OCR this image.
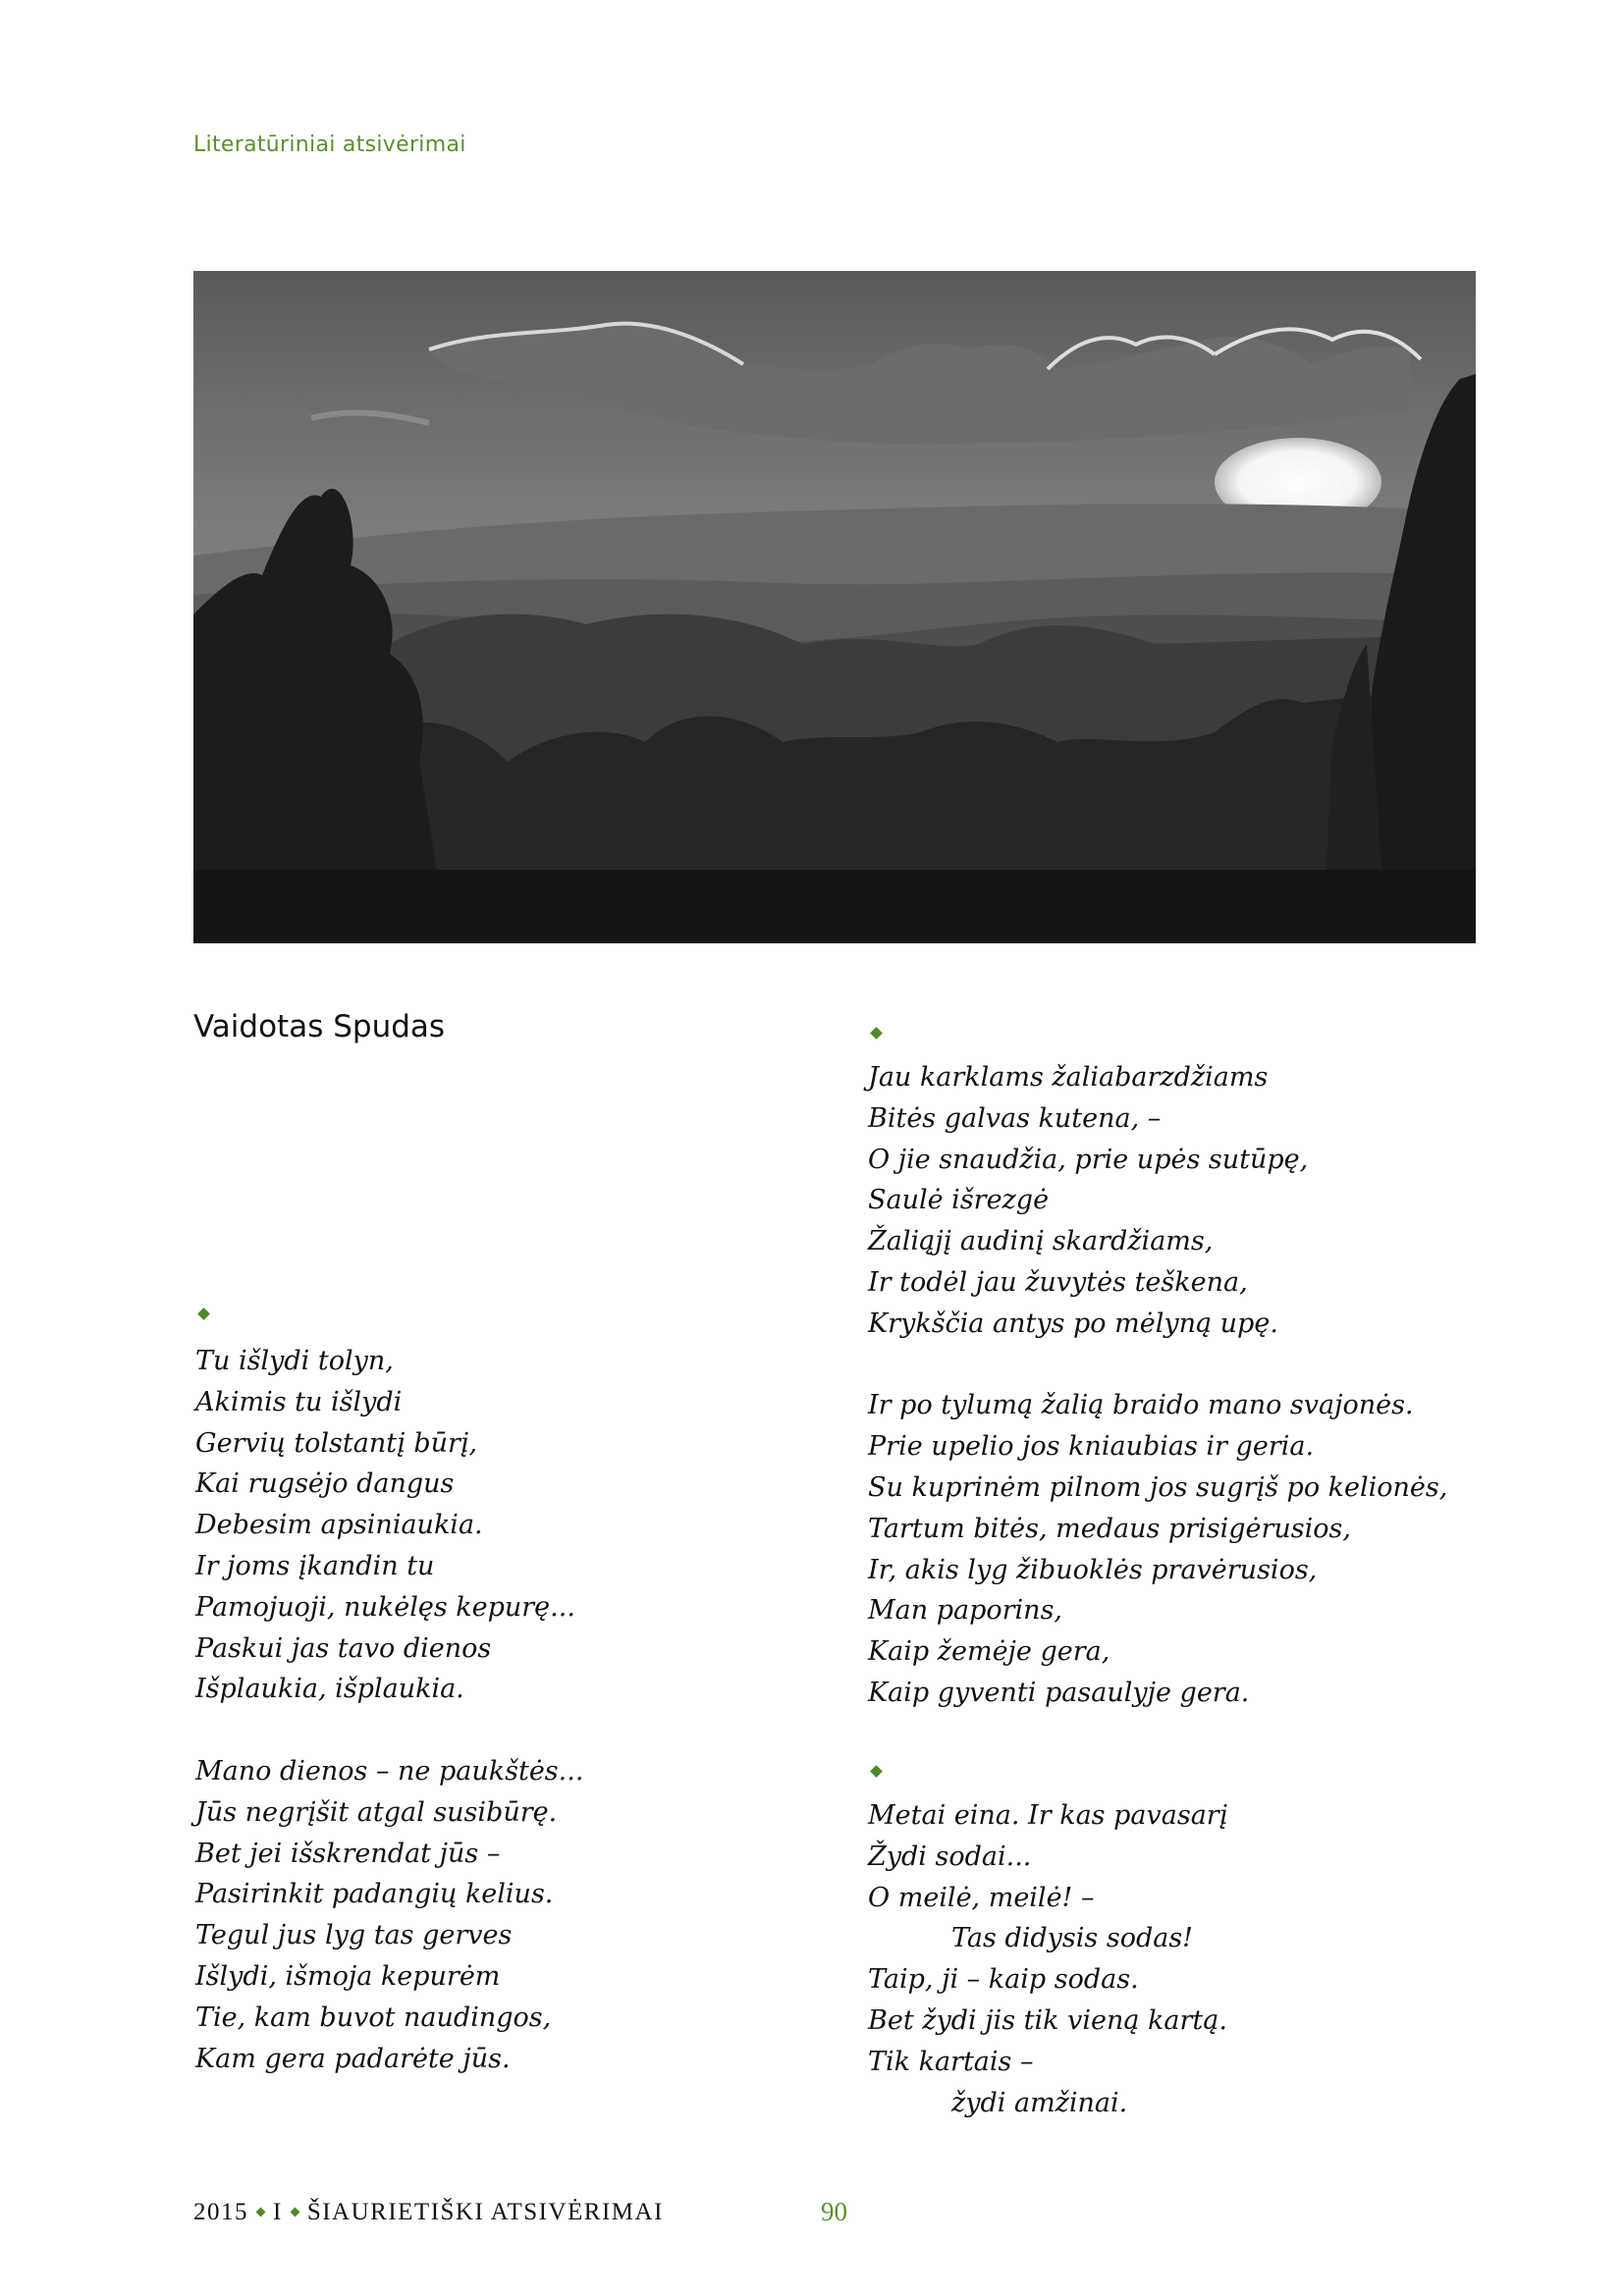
Literatūriniai atsivėrimai
Vaidotas Spudas
Tu išlydi tolyn,
Akimis tu išlydi
Gervių tolstantį būrį,
Kai rugsėjo dangus
Debesim apsiniaukia.
Ir joms įkandin tu
Pamojuoji, nukėlęs kepurę...
Paskui jas tavo dienos
Išplaukia, išplaukia.
Mano dienos – ne paukštės...
Jūs negrįšit atgal susibūrę.
Bet jei išskrendat jūs –
Pasirinkit padangių kelius.
Tegul jus lyg tas gerves
Išlydi, išmoja kepurėm
Tie, kam buvot naudingos,
Kam gera padarėte jūs.
Jau karklams žaliabarzdžiams
Bitės galvas kutena, –
O jie snaudžia, prie upės sutūpę,
Saulė išrezgė
Žaliąjį audinį skardžiams,
Ir todėl jau žuvytės teškena,
Krykščia antys po mėlyną upę.
Ir po tylumą žalią braido mano svajonės.
Prie upelio jos kniaubias ir geria.
Su kuprinėm pilnom jos sugrįš po kelionės,
Tartum bitės, medaus prisigėrusios,
Ir, akis lyg žibuoklės pravėrusios,
Man paporins,
Kaip žemėje gera,
Kaip gyventi pasaulyje gera.
Metai eina. Ir kas pavasarį
Žydi sodai...
O meilė, meilė! –
Tas didysis sodas!
Taip, ji – kaip sodas.
Bet žydi jis tik vieną kartą.
Tik kartais –
žydi amžinai.
2015 I ŠIAURIETIŠKI ATSIVĖRIMAI	90
